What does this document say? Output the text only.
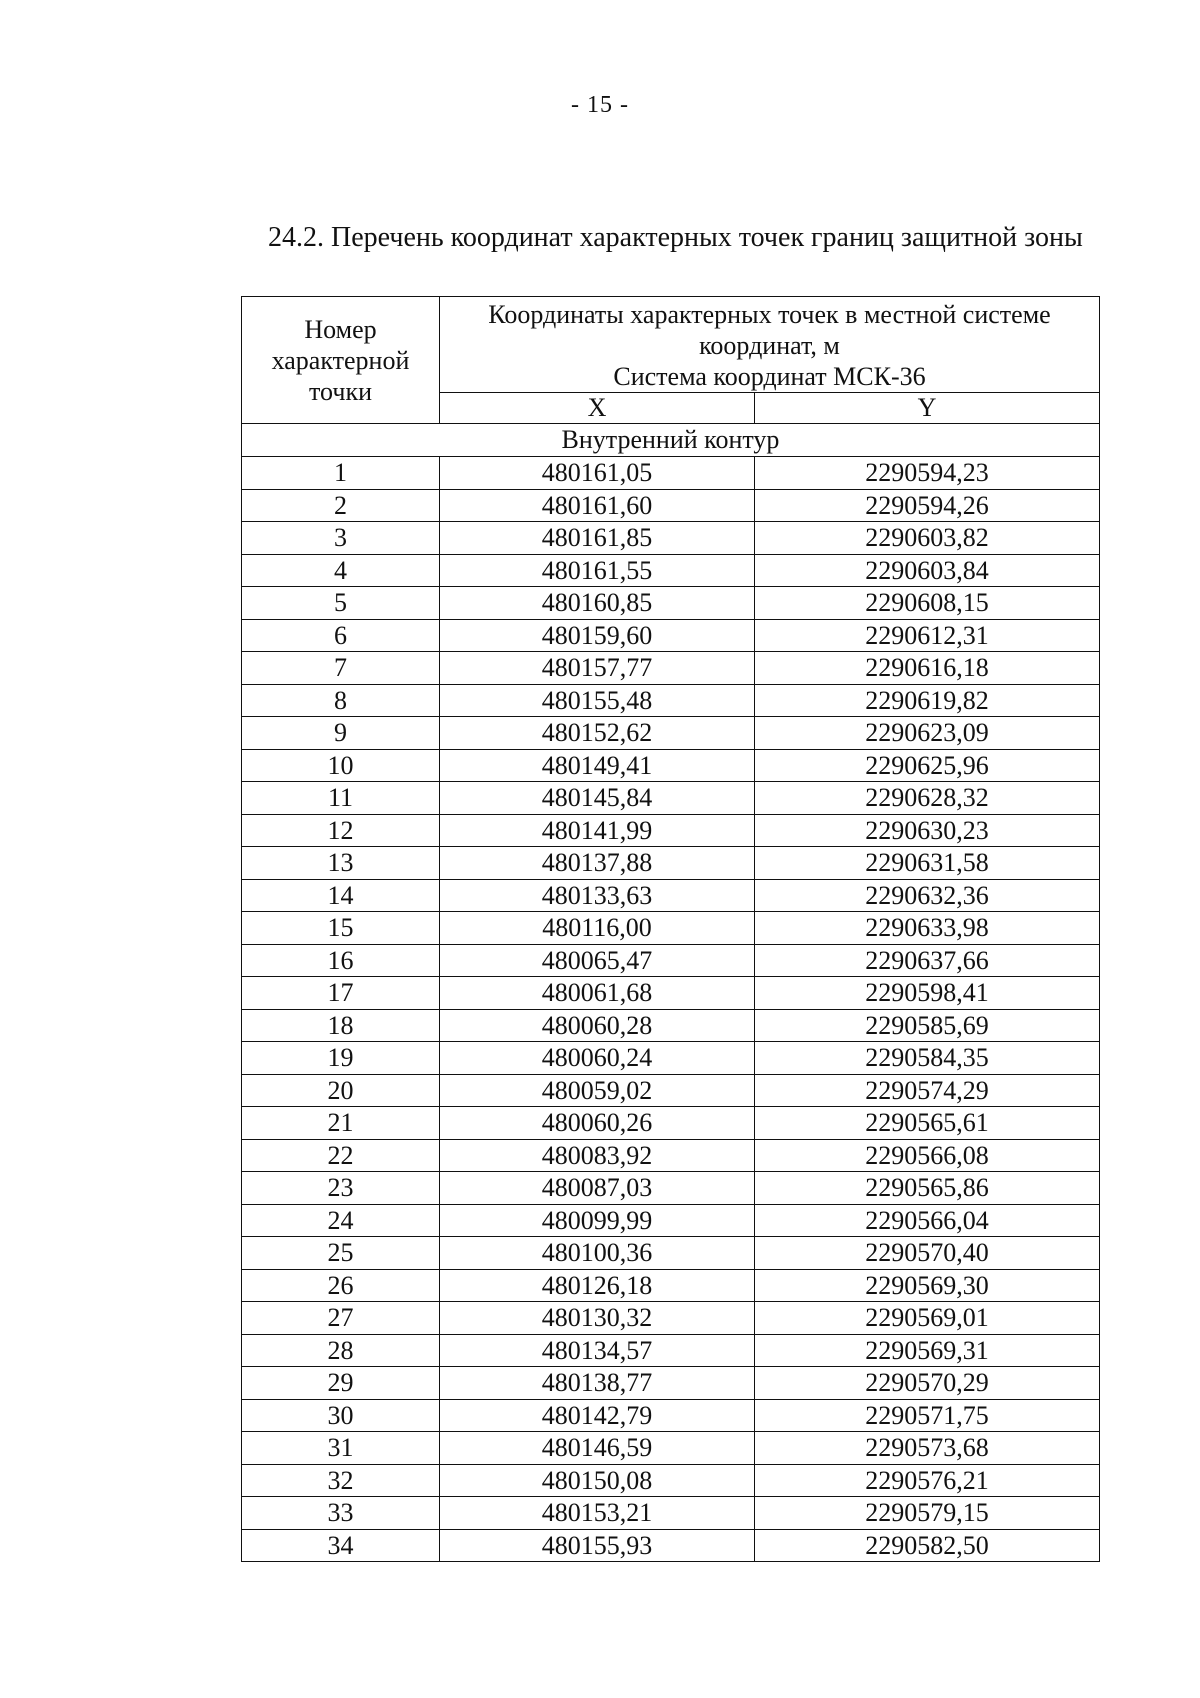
- 15 -
24.2. Перечень координат характерных точек границ защитной зоны
Номер
характерной
точки	Координаты характерных точек в местной системе
координат, м
Система координат МСК-36	

	X	Y
Внутренний контур		
1	480161,05	2290594,23
2	480161,60	2290594,26
3	480161,85	2290603,82
4	480161,55	2290603,84
5	480160,85	2290608,15
6	480159,60	2290612,31
7	480157,77	2290616,18
8	480155,48	2290619,82
9	480152,62	2290623,09
10	480149,41	2290625,96
11	480145,84	2290628,32
12	480141,99	2290630,23
13	480137,88	2290631,58
14	480133,63	2290632,36
15	480116,00	2290633,98
16	480065,47	2290637,66
17	480061,68	2290598,41
18	480060,28	2290585,69
19	480060,24	2290584,35
20	480059,02	2290574,29
21	480060,26	2290565,61
22	480083,92	2290566,08
23	480087,03	2290565,86
24	480099,99	2290566,04
25	480100,36	2290570,40
26	480126,18	2290569,30
27	480130,32	2290569,01
28	480134,57	2290569,31
29	480138,77	2290570,29
30	480142,79	2290571,75
31	480146,59	2290573,68
32	480150,08	2290576,21
33	480153,21	2290579,15
34	480155,93	2290582,50
